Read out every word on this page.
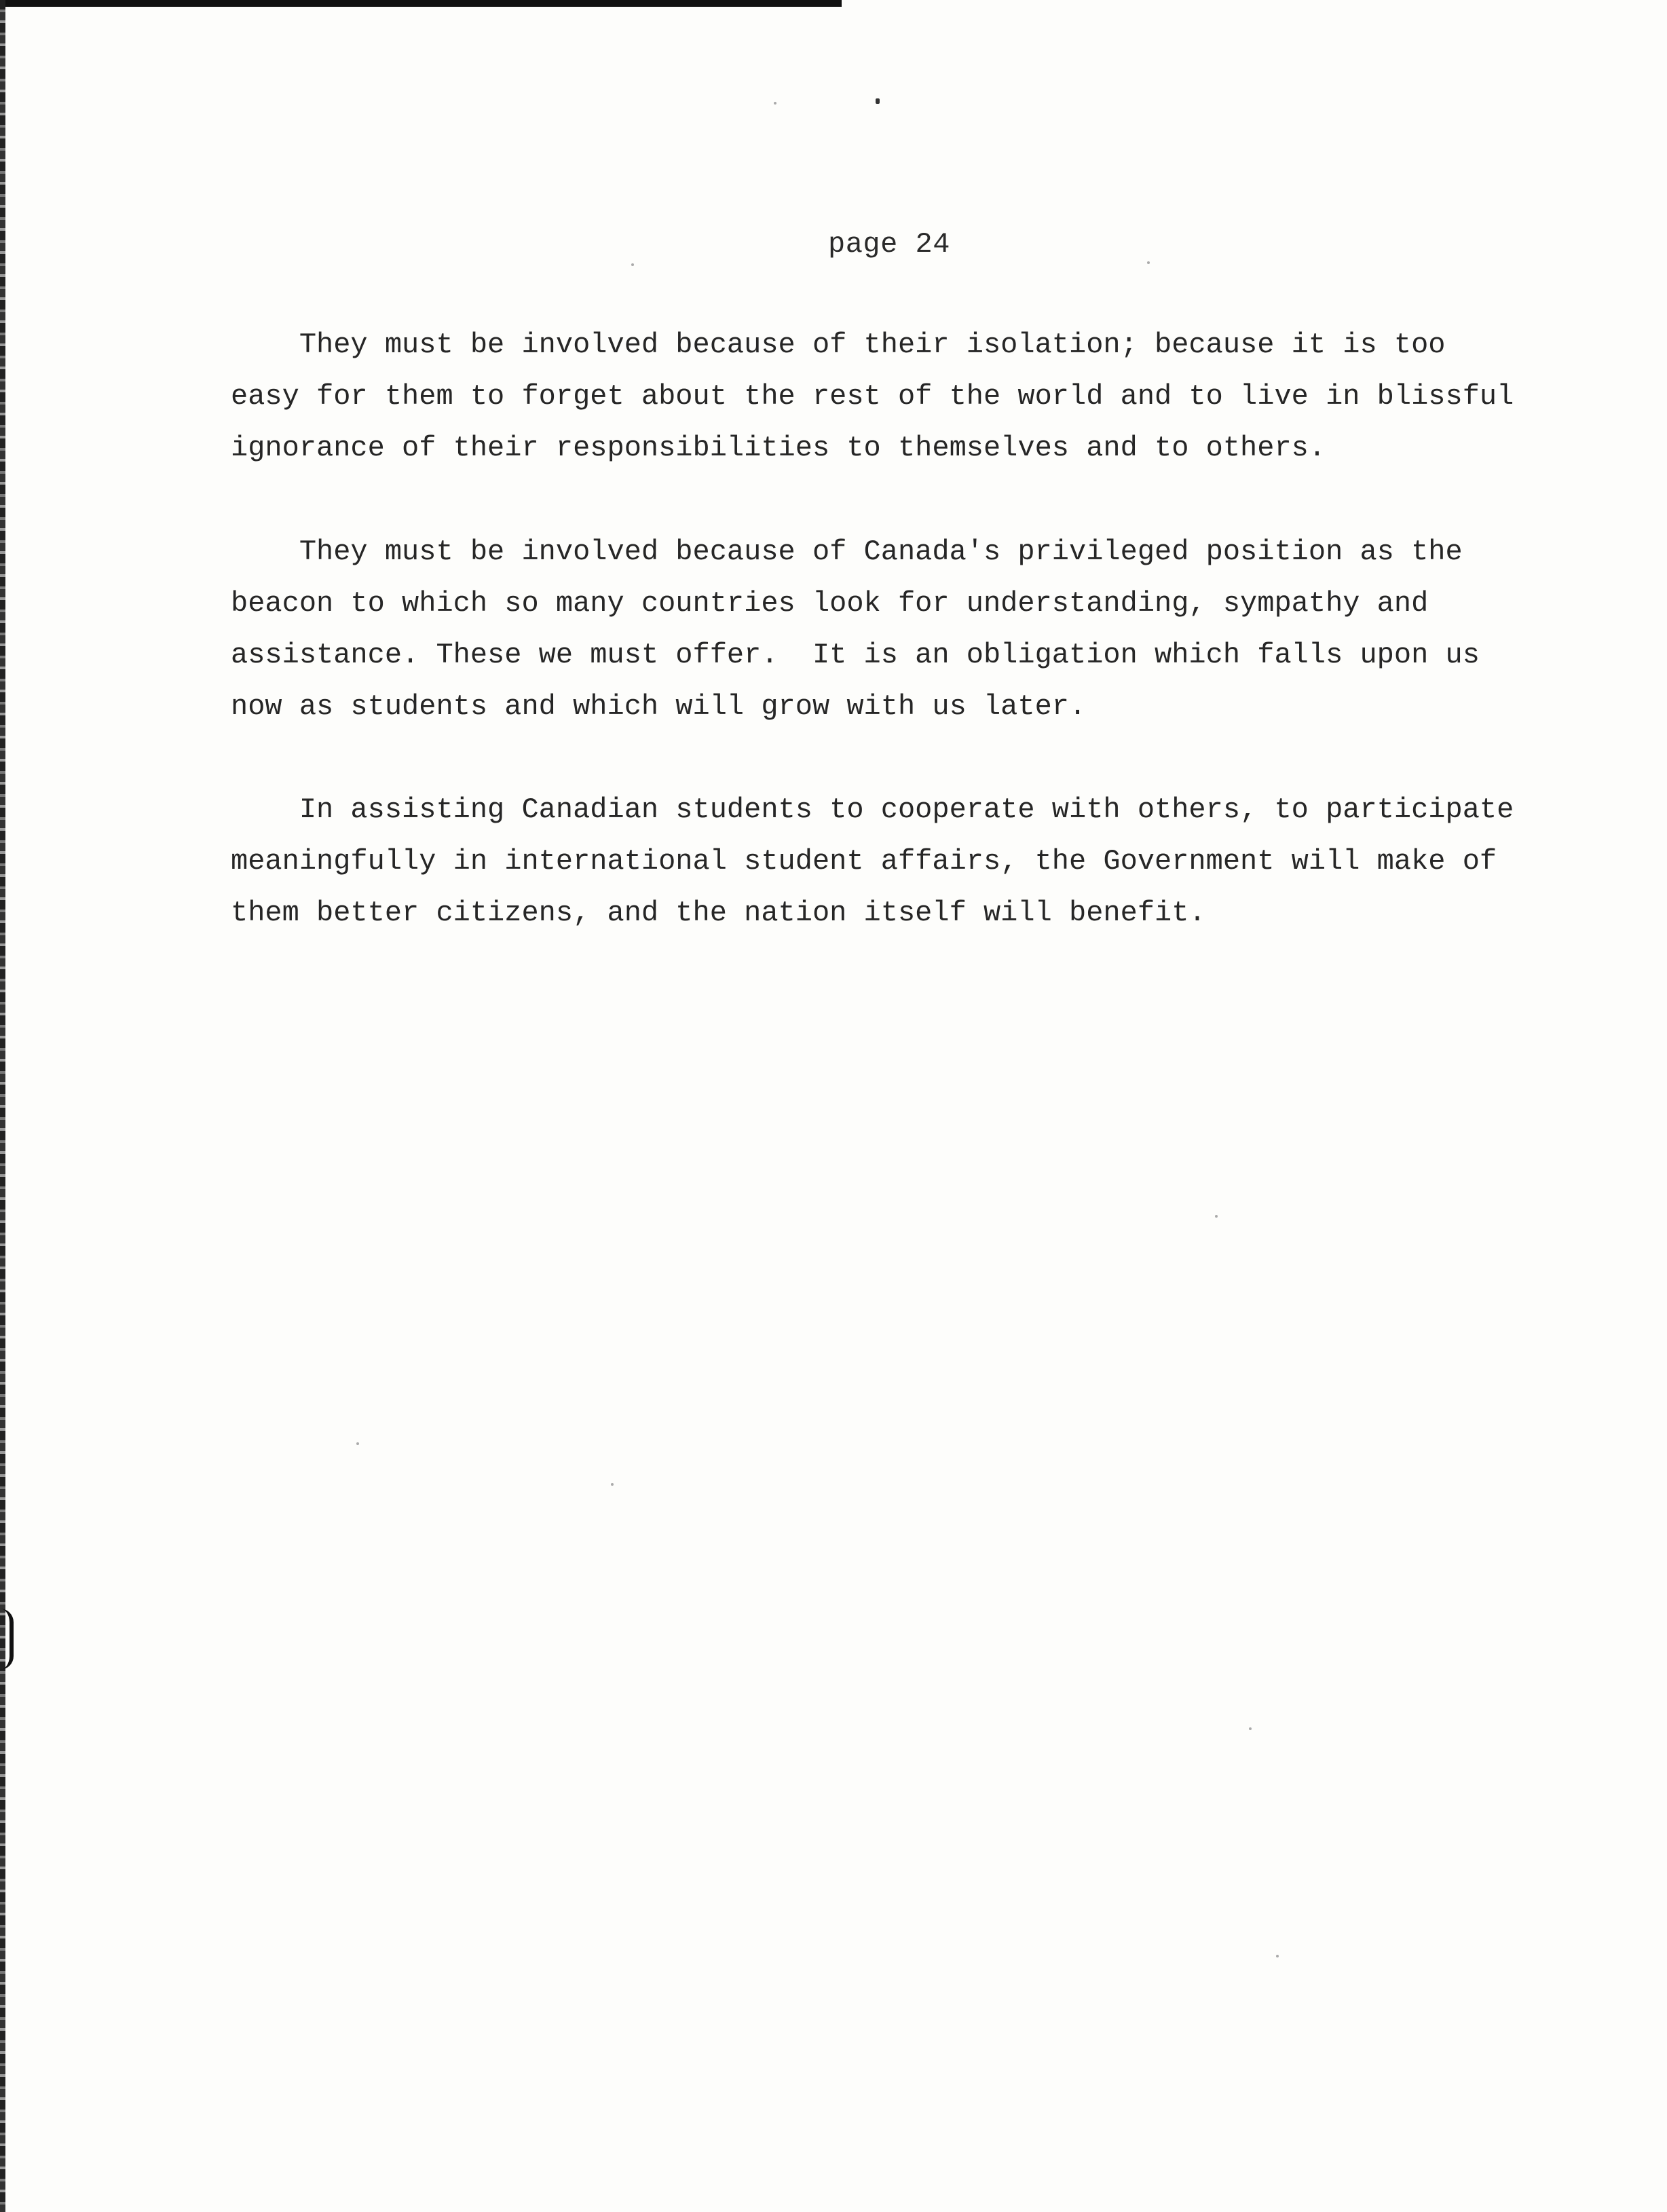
page 24
They must be involved because of their isolation; because it is too
easy for them to forget about the rest of the world and to live in blissful
ignorance of their responsibilities to themselves and to others.
They must be involved because of Canada's privileged position as the
beacon to which so many countries look for understanding, sympathy and
assistance. These we must offer.  It is an obligation which falls upon us
now as students and which will grow with us later.
In assisting Canadian students to cooperate with others, to participate
meaningfully in international student affairs, the Government will make of
them better citizens, and the nation itself will benefit.
